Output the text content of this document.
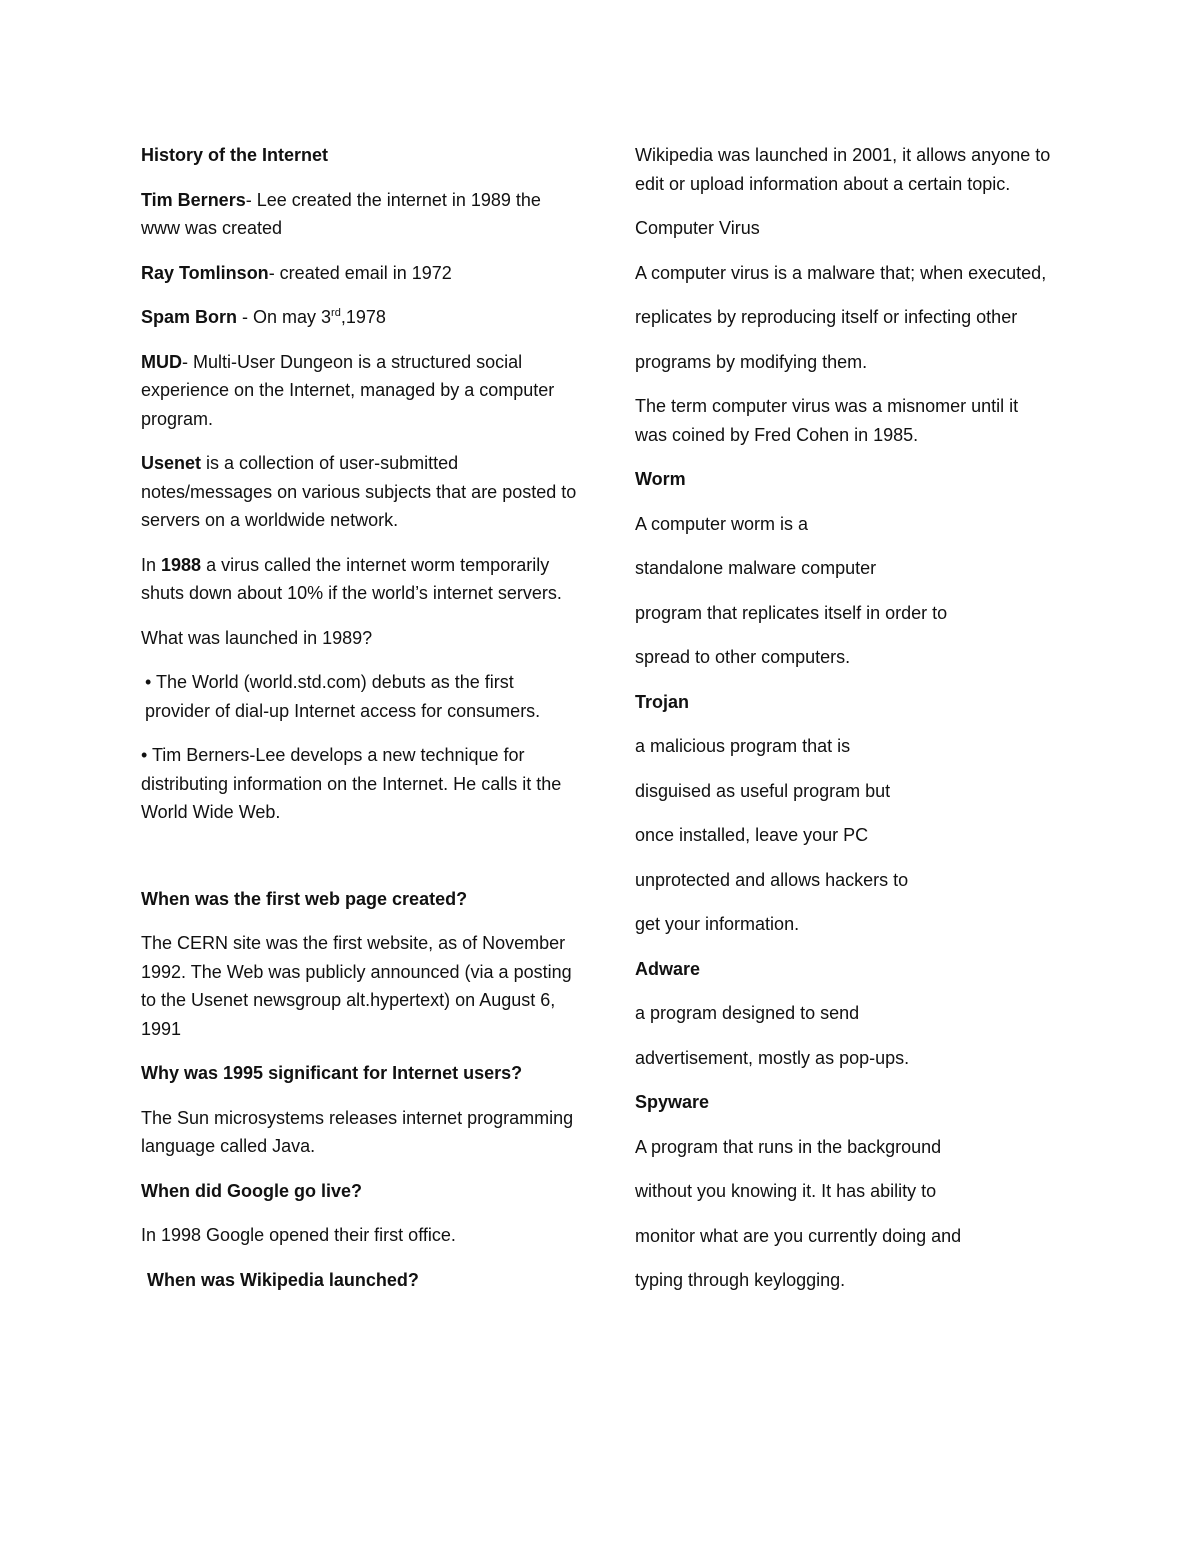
History of the Internet

Tim Berners- Lee created the internet in 1989 the www was created

Ray Tomlinson- created email in 1972

Spam Born - On may 3rd,1978

MUD- Multi-User Dungeon is a structured social experience on the Internet, managed by a computer program.

Usenet is a collection of user-submitted notes/messages on various subjects that are posted to servers on a worldwide network.

In 1988 a virus called the internet worm temporarily shuts down about 10% if the world’s internet servers.

What was launched in 1989?

• The World (world.std.com) debuts as the first provider of dial-up Internet access for consumers.

• Tim Berners-Lee develops a new technique for distributing information on the Internet. He calls it the World Wide Web.

When was the first web page created?

The CERN site was the first website, as of November 1992. The Web was publicly announced (via a posting to the Usenet newsgroup alt.hypertext) on August 6, 1991

Why was 1995 significant for Internet users?

The Sun microsystems releases internet programming language called Java.

When did Google go live?

In 1998 Google opened their first office.

When was Wikipedia launched?

Wikipedia was launched in 2001, it allows anyone to edit or upload information about a certain topic.

Computer Virus

A computer virus is a malware that; when executed,

replicates by reproducing itself or infecting other

programs by modifying them.

The term computer virus was a misnomer until it was coined by Fred Cohen in 1985.

Worm

A computer worm is a

standalone malware computer

program that replicates itself in order to

spread to other computers.

Trojan

a malicious program that is

disguised as useful program but

once installed, leave your PC

unprotected and allows hackers to

get your information.

Adware

a program designed to send

advertisement, mostly as pop-ups.

Spyware

A program that runs in the background

without you knowing it. It has ability to

monitor what are you currently doing and

typing through keylogging.
